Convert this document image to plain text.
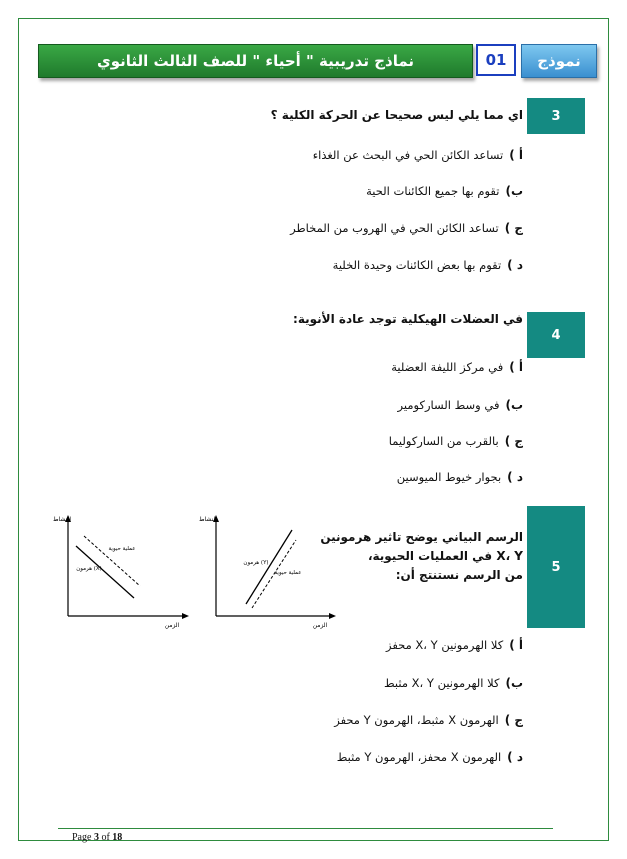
نماذج تدريبية " أحياء " للصف الثالث الثانوي	01	نموذج
3
اي مما يلي ليس صحيحا عن الحركة الكلية ؟
أ )
تساعد الكائن الحي في البحث عن الغذاء
ب)
تقوم بها جميع الكائنات الحية
ج )
تساعد الكائن الحي في الهروب من المخاطر
د )
تقوم بها بعض الكائنات وحيدة الخلية
4
في العضلات الهيكلية توجد عادة الأنوية:
أ )
في مركز الليفة العضلية
ب)
في وسط الساركومير
ج )
بالقرب من الساركوليما
د )
بجوار خيوط الميوسين
5
الرسم البياني يوضح تاثير هرمونين
X، Y في العمليات الحيوية،
من الرسم نستنتج أن:
النشاط
الزمن
هرمون (X)
عملية حيوية
النشاط
الزمن
هرمون (Y)
عملية حيوية
أ )
كلا الهرمونين X، Y محفز
ب)
كلا الهرمونين X، Y مثبط
ج )
الهرمون X مثبط، الهرمون Y محفز
د )
الهرمون X محفز، الهرمون Y مثبط
Page 3 of 18
